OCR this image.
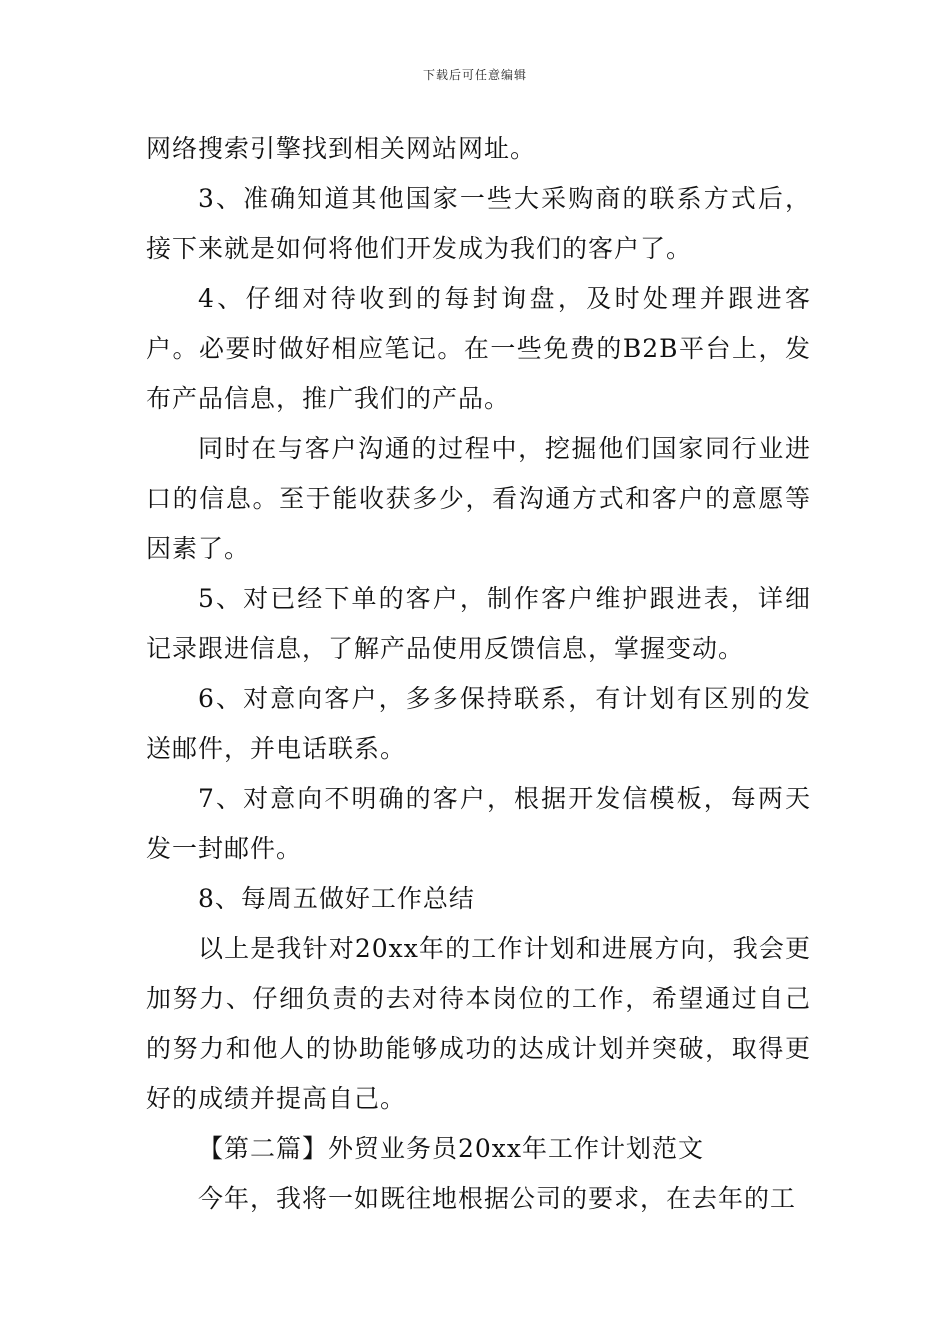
下载后可任意编辑

网络搜索引擎找到相关网站网址。

3、准确知道其他国家一些大采购商的联系方式后，接下来就是如何将他们开发成为我们的客户了。

4、仔细对待收到的每封询盘，及时处理并跟进客户。必要时做好相应笔记。在一些免费的B2B平台上，发布产品信息，推广我们的产品。

同时在与客户沟通的过程中，挖掘他们国家同行业进口的信息。至于能收获多少，看沟通方式和客户的意愿等因素了。

5、对已经下单的客户，制作客户维护跟进表，详细记录跟进信息，了解产品使用反馈信息，掌握变动。

6、对意向客户，多多保持联系，有计划有区别的发送邮件，并电话联系。

7、对意向不明确的客户，根据开发信模板，每两天发一封邮件。

8、每周五做好工作总结

以上是我针对20xx年的工作计划和进展方向，我会更加努力、仔细负责的去对待本岗位的工作，希望通过自己的努力和他人的协助能够成功的达成计划并突破，取得更好的成绩并提高自己。

【第二篇】外贸业务员20xx年工作计划范文

今年，我将一如既往地根据公司的要求，在去年的工
